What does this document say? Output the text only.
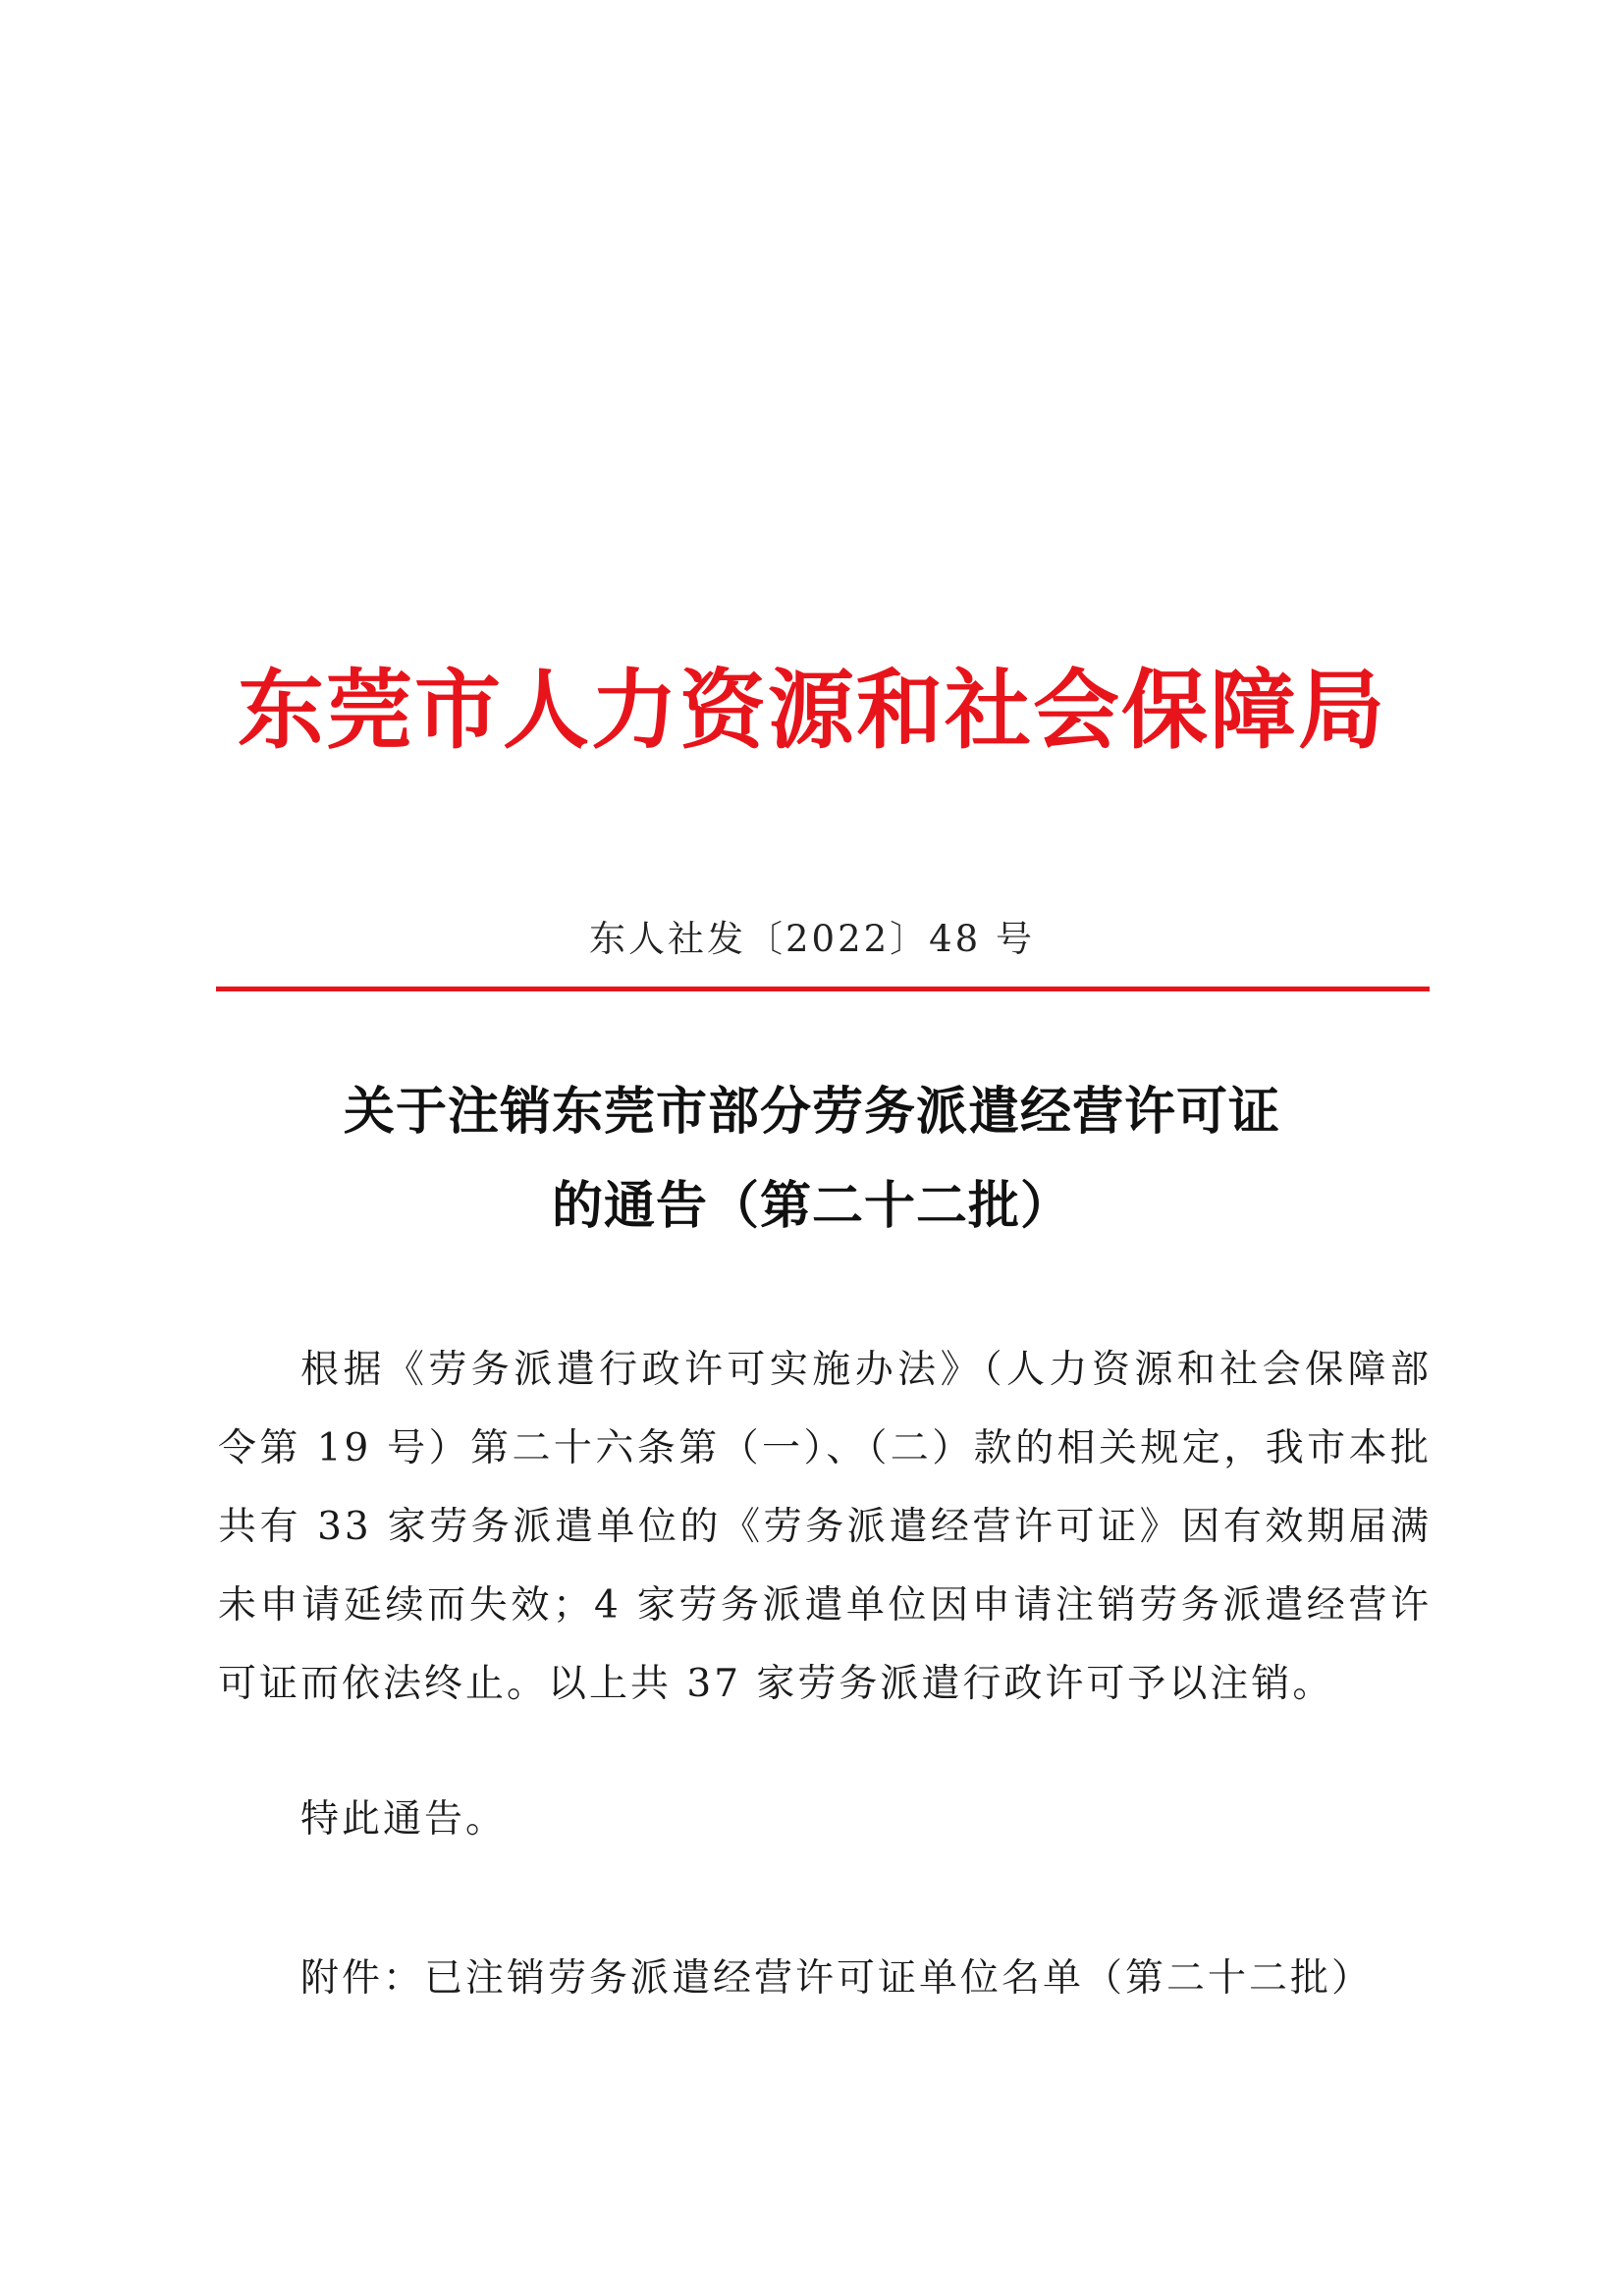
东莞市人力资源和社会保障局
东人社发〔2022〕48 号
关于注销东莞市部分劳务派遣经营许可证
的通告（第二十二批）

根据《劳务派遣行政许可实施办法》（人力资源和社会保障部令第 19 号）第二十六条第（一）、（二）款的相关规定，我市本批共有 33 家劳务派遣单位的《劳务派遣经营许可证》因有效期届满未申请延续而失效；4 家劳务派遣单位因申请注销劳务派遣经营许可证而依法终止。以上共 37 家劳务派遣行政许可予以注销。

特此通告。
附件：已注销劳务派遣经营许可证单位名单（第二十二批）
